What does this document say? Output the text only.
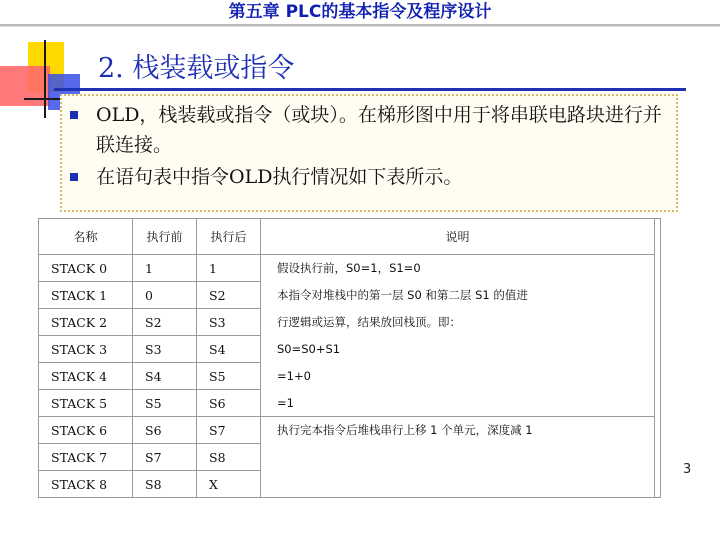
第五章 PLC的基本指令及程序设计
2. 栈装载或指令
OLD，栈装载或指令（或块）。在梯形图中用于将串联电路块进行并联连接。
在语句表中指令OLD执行情况如下表所示。
名称	执行前	执行后	说明
STACK 0	1	1	假设执行前，S0=1，S1=0
STACK 1	0	S2	本指令对堆栈中的第一层 S0 和第二层 S1 的值进
STACK 2	S2	S3	行逻辑或运算，结果放回栈顶。即：
STACK 3	S3	S4	S0=S0+S1
STACK 4	S4	S5	=1+0
STACK 5	S5	S6	=1
STACK 6	S6	S7	执行完本指令后堆栈串行上移 1 个单元，深度减 1
STACK 7	S7	S8	
STACK 8	S8	X	
3
